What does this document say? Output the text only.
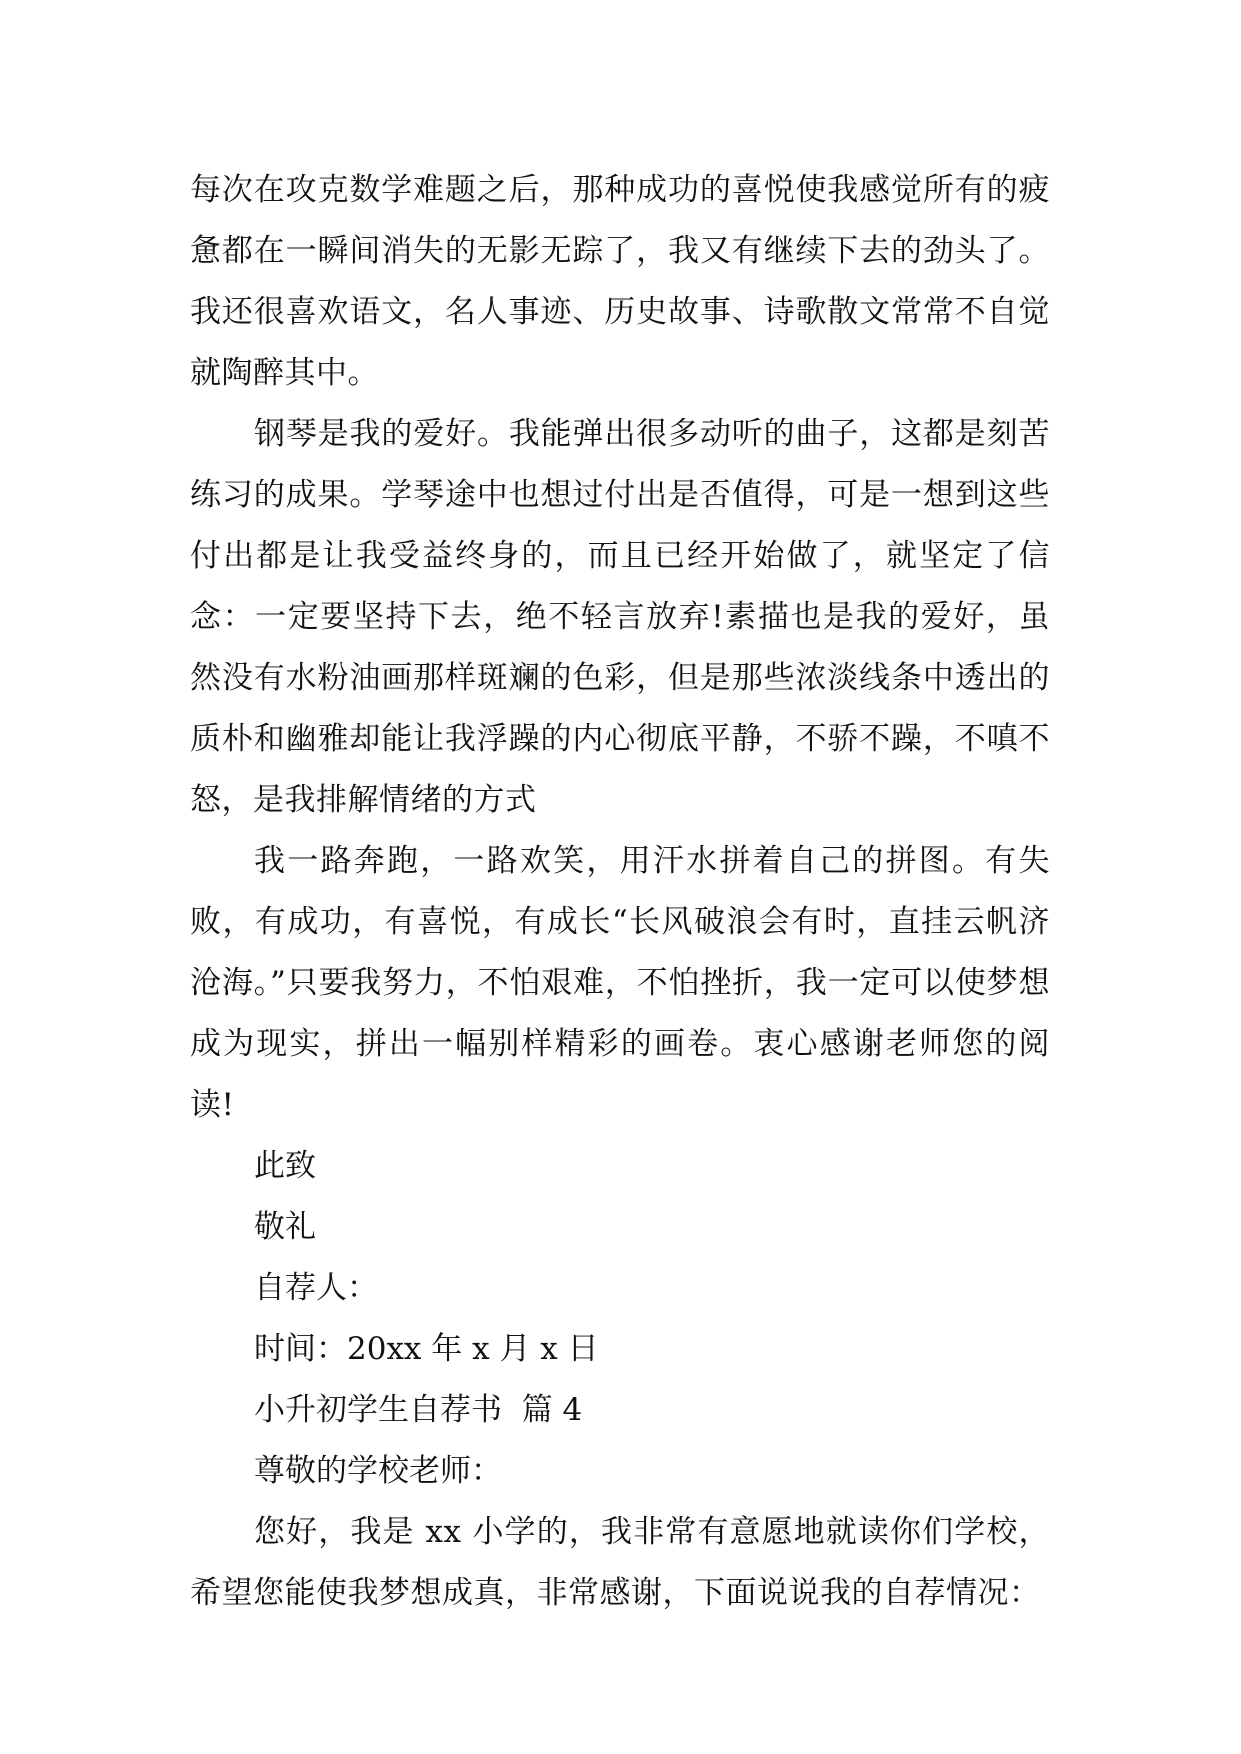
每次在攻克数学难题之后，那种成功的喜悦使我感觉所有的疲惫都在一瞬间消失的无影无踪了，我又有继续下去的劲头了。我还很喜欢语文，名人事迹、历史故事、诗歌散文常常不自觉就陶醉其中。

钢琴是我的爱好。我能弹出很多动听的曲子，这都是刻苦练习的成果。学琴途中也想过付出是否值得，可是一想到这些付出都是让我受益终身的，而且已经开始做了，就坚定了信念：一定要坚持下去，绝不轻言放弃!素描也是我的爱好，虽然没有水粉油画那样斑斓的色彩，但是那些浓淡线条中透出的质朴和幽雅却能让我浮躁的内心彻底平静，不骄不躁，不嗔不怒，是我排解情绪的方式

我一路奔跑，一路欢笑，用汗水拼着自己的拼图。有失败，有成功，有喜悦，有成长“长风破浪会有时，直挂云帆济沧海。”只要我努力，不怕艰难，不怕挫折，我一定可以使梦想成为现实，拼出一幅别样精彩的画卷。衷心感谢老师您的阅读!

此致

敬礼

自荐人：

时间：20xx 年 x 月 x 日

小升初学生自荐书  篇 4

尊敬的学校老师：

您好，我是 xx 小学的，我非常有意愿地就读你们学校，希望您能使我梦想成真，非常感谢，下面说说我的自荐情况：
